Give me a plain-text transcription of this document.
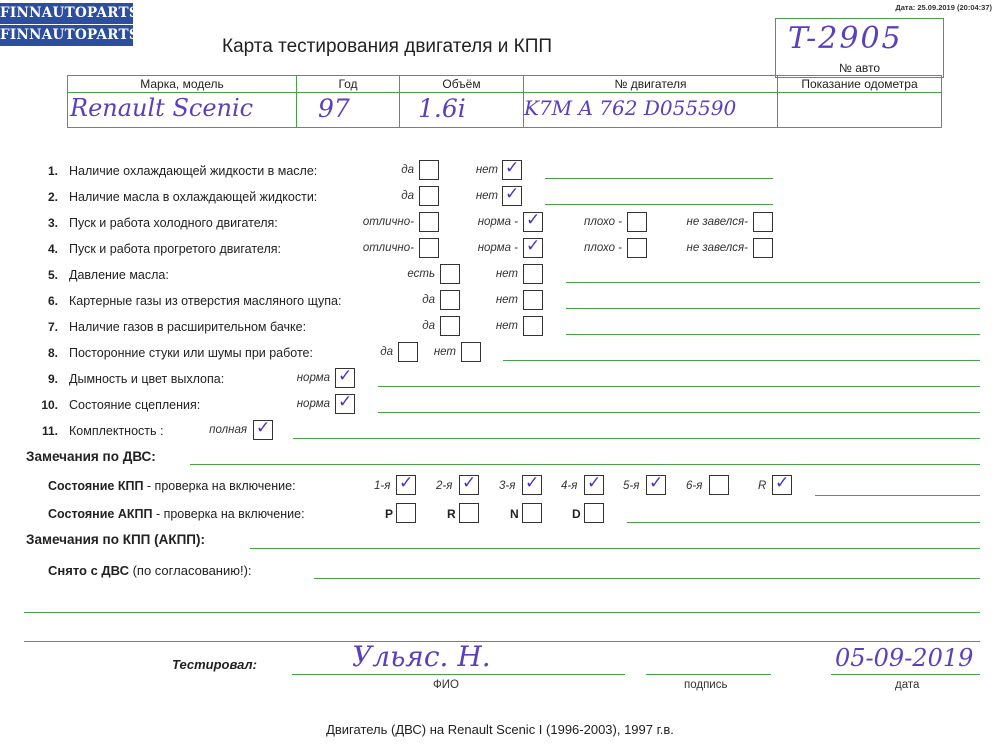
FINNAUTOPARTS
FINNAUTOPARTS
Дата: 25.09.2019 (20:04:37)
Карта тестирования двигателя и КПП	T-2905
№ авто
Марка, модель	Год	Объём	№ двигателя	Показание одометра
Renault Scenic	97	1.6i	K7M A 762 D055590
1. Наличие охлаждающей жидкости в масле:	да	нет ✓
2. Наличие масла в охлаждающей жидкости:	да	нет ✓
3. Пуск и работа холодного двигателя:	отлично-	норма - ✓	плохо -	не завелся-
4. Пуск и работа прогретого двигателя:	отлично-	норма - ✓	плохо -	не завелся-
5. Давление масла:	есть	нет
6. Картерные газы из отверстия масляного щупа:	да	нет
7. Наличие газов в расширительном бачке:	да	нет
8. Посторонние стуки или шумы при работе:	да	нет
9. Дымность и цвет выхлопа:	норма ✓
10. Состояние сцепления:	норма ✓
11. Комплектность :	полная ✓
Замечания по ДВС:
Состояние КПП - проверка на включение:	1-я ✓ 2-я ✓ 3-я ✓ 4-я ✓ 5-я ✓ 6-я	R ✓
Состояние АКПП - проверка на включение:	P	R	N	D
Замечания по КПП (АКПП):
Снято с ДВС (по согласованию!):
Тестировал:	Ульяс. Н.
ФИО	подпись
05-09-2019
дата
Двигатель (ДВС) на Renault Scenic I (1996-2003), 1997 г.в.
